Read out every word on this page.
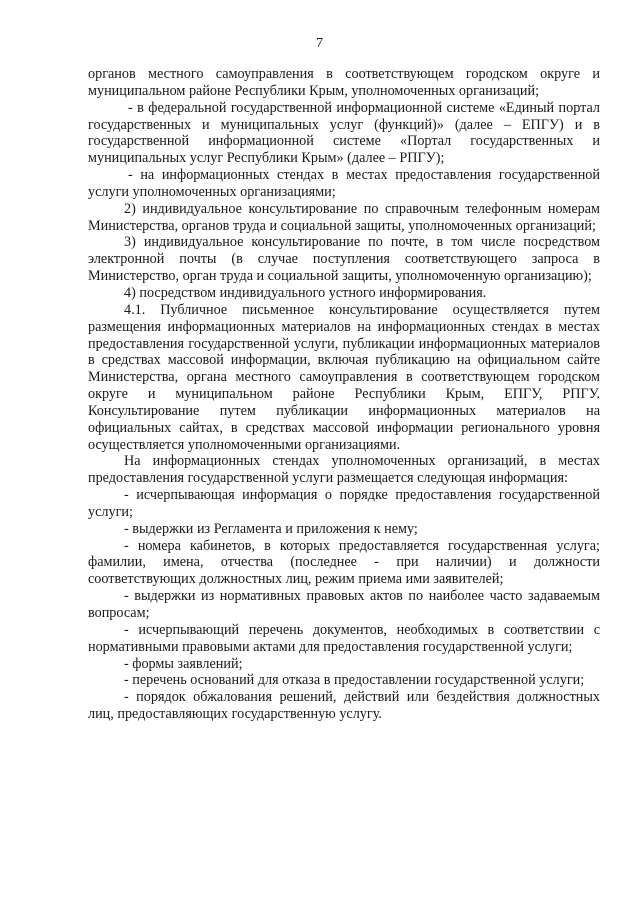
7

органов местного самоуправления в соответствующем городском округе и муниципальном районе Республики Крым, уполномоченных организаций;

- в федеральной государственной информационной системе «Единый портал государственных и муниципальных услуг (функций)» (далее – ЕПГУ) и в государственной информационной системе «Портал государственных и муниципальных услуг Республики Крым» (далее – РПГУ);

- на информационных стендах в местах предоставления государственной услуги уполномоченных организациями;

2) индивидуальное консультирование по справочным телефонным номерам Министерства, органов труда и социальной защиты, уполномоченных организаций;

3) индивидуальное консультирование по почте, в том числе посредством электронной почты (в случае поступления соответствующего запроса в Министерство, орган труда и социальной защиты, уполномоченную организацию);

4) посредством индивидуального устного информирования.

4.1. Публичное письменное консультирование осуществляется путем размещения информационных материалов на информационных стендах в местах предоставления государственной услуги, публикации информационных материалов в средствах массовой информации, включая публикацию на официальном сайте Министерства, органа местного самоуправления в соответствующем городском округе и муниципальном районе Республики Крым, ЕПГУ, РПГУ. Консультирование путем публикации информационных материалов на официальных сайтах, в средствах массовой информации регионального уровня осуществляется уполномоченными организациями.

На информационных стендах уполномоченных организаций, в местах предоставления государственной услуги размещается следующая информация:

- исчерпывающая информация о порядке предоставления государственной услуги;

- выдержки из Регламента и приложения к нему;

- номера кабинетов, в которых предоставляется государственная услуга; фамилии, имена, отчества (последнее - при наличии) и должности соответствующих должностных лиц, режим приема ими заявителей;

- выдержки из нормативных правовых актов по наиболее часто задаваемым вопросам;

- исчерпывающий перечень документов, необходимых в соответствии с нормативными правовыми актами для предоставления государственной услуги;

- формы заявлений;

- перечень оснований для отказа в предоставлении государственной услуги;

- порядок обжалования решений, действий или бездействия должностных лиц, предоставляющих государственную услугу.
